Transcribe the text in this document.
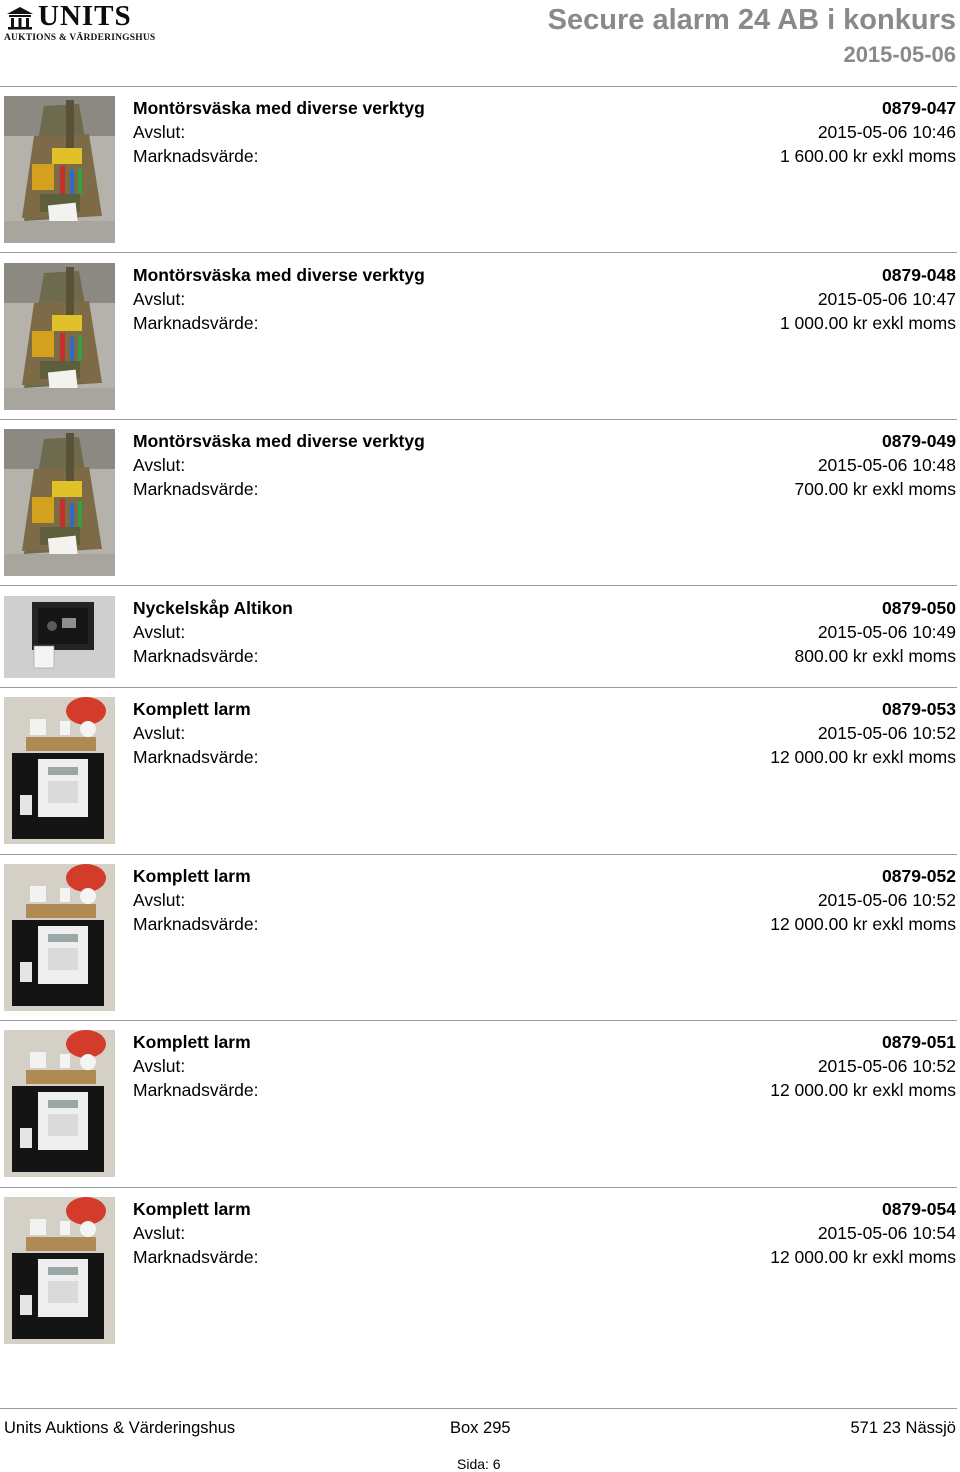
UNITS
AUKTIONS & VÄRDERINGSHUS
Secure alarm 24 AB i konkurs
2015-05-06
Montörsväska med diverse verktyg	0879-047
Avslut:	2015-05-06 10:46
Marknadsvärde:	1 600.00 kr exkl moms
Montörsväska med diverse verktyg	0879-048
Avslut:	2015-05-06 10:47
Marknadsvärde:	1 000.00 kr exkl moms
Montörsväska med diverse verktyg	0879-049
Avslut:	2015-05-06 10:48
Marknadsvärde:	700.00 kr exkl moms
Nyckelskåp Altikon	0879-050
Avslut:	2015-05-06 10:49
Marknadsvärde:	800.00 kr exkl moms
Komplett larm	0879-053
Avslut:	2015-05-06 10:52
Marknadsvärde:	12 000.00 kr exkl moms
Komplett larm	0879-052
Avslut:	2015-05-06 10:52
Marknadsvärde:	12 000.00 kr exkl moms
Komplett larm	0879-051
Avslut:	2015-05-06 10:52
Marknadsvärde:	12 000.00 kr exkl moms
Komplett larm	0879-054
Avslut:	2015-05-06 10:54
Marknadsvärde:	12 000.00 kr exkl moms
Units Auktions & Värderingshus	Box 295	571 23 Nässjö
Sida: 6
